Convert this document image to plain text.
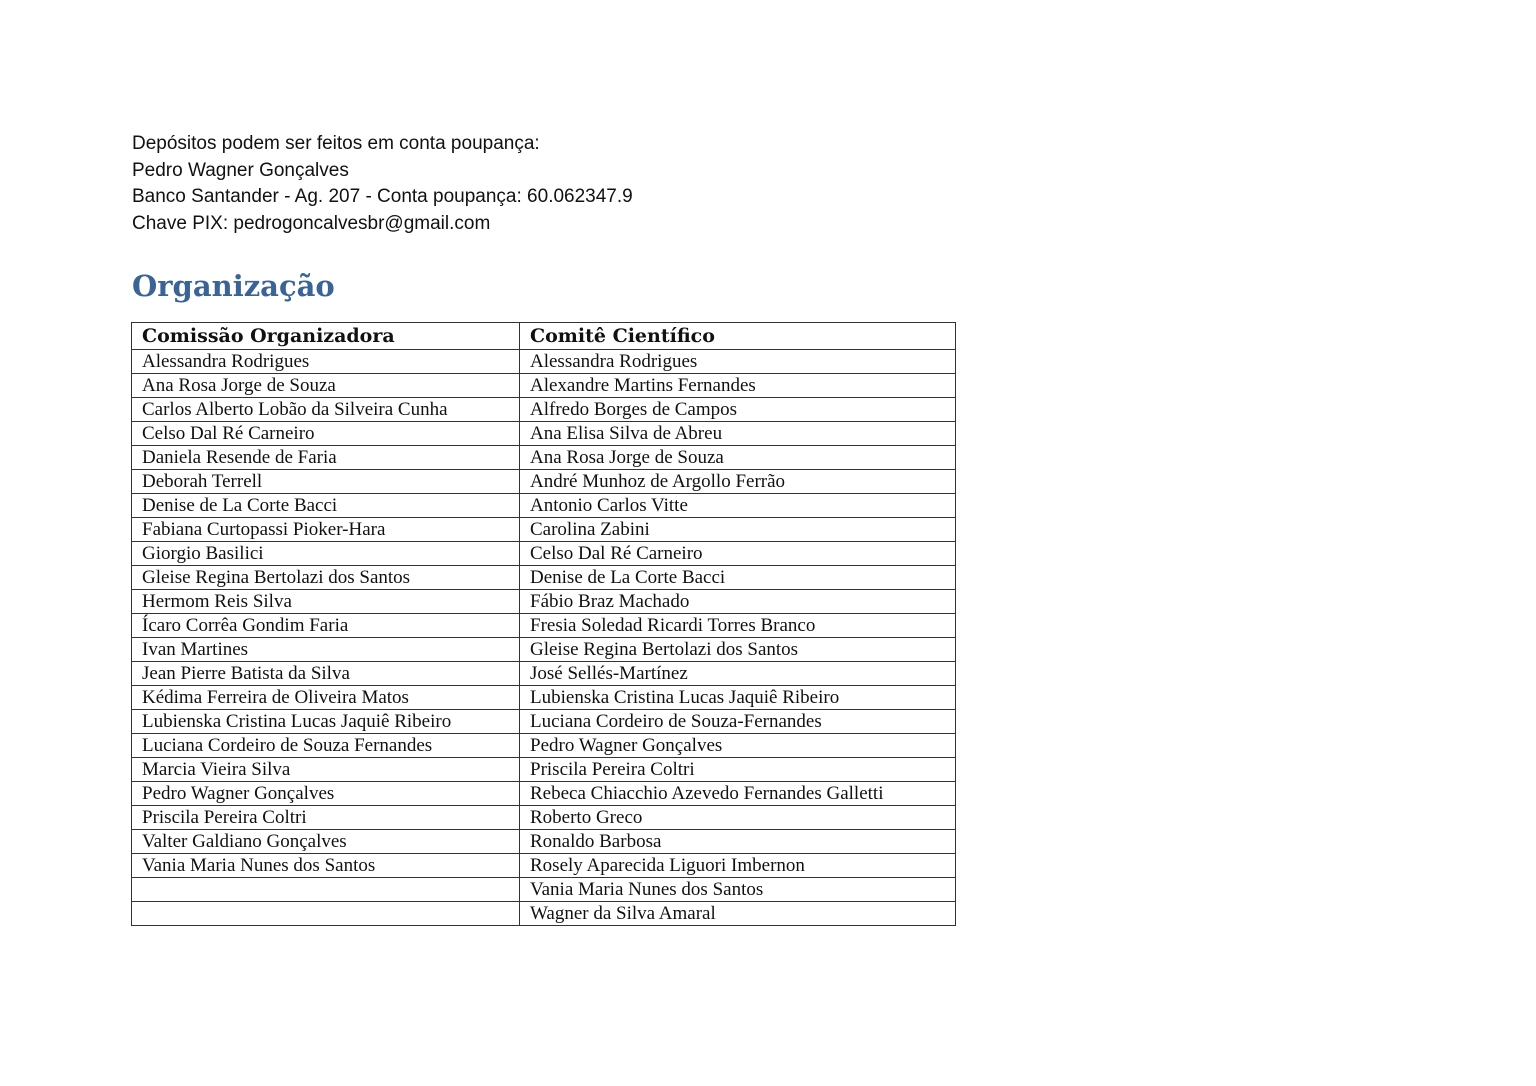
Depósitos podem ser feitos em conta poupança:
Pedro Wagner Gonçalves
Banco Santander - Ag. 207 - Conta poupança: 60.062347.9
Chave PIX: pedrogoncalvesbr@gmail.com
Organização
Comissão Organizadora	Comitê Científico
Alessandra Rodrigues	Alessandra Rodrigues
Ana Rosa Jorge de Souza	Alexandre Martins Fernandes
Carlos Alberto Lobão da Silveira Cunha	Alfredo Borges de Campos
Celso Dal Ré Carneiro	Ana Elisa Silva de Abreu
Daniela Resende de Faria	Ana Rosa Jorge de Souza
Deborah Terrell	André Munhoz de Argollo Ferrão
Denise de La Corte Bacci	Antonio Carlos Vitte
Fabiana Curtopassi Pioker-Hara	Carolina Zabini
Giorgio Basilici	Celso Dal Ré Carneiro
Gleise Regina Bertolazi dos Santos	Denise de La Corte Bacci
Hermom Reis Silva	Fábio Braz Machado
Ícaro Corrêa Gondim Faria	Fresia Soledad Ricardi Torres Branco
Ivan Martines	Gleise Regina Bertolazi dos Santos
Jean Pierre Batista da Silva	José Sellés-Martínez
Kédima Ferreira de Oliveira Matos	Lubienska Cristina Lucas Jaquiê Ribeiro
Lubienska Cristina Lucas Jaquiê Ribeiro	Luciana Cordeiro de Souza-Fernandes
Luciana Cordeiro de Souza Fernandes	Pedro Wagner Gonçalves
Marcia Vieira Silva	Priscila Pereira Coltri
Pedro Wagner Gonçalves	Rebeca Chiacchio Azevedo Fernandes Galletti
Priscila Pereira Coltri	Roberto Greco
Valter Galdiano Gonçalves	Ronaldo Barbosa
Vania Maria Nunes dos Santos	Rosely Aparecida Liguori Imbernon
	Vania Maria Nunes dos Santos
	Wagner da Silva Amaral
